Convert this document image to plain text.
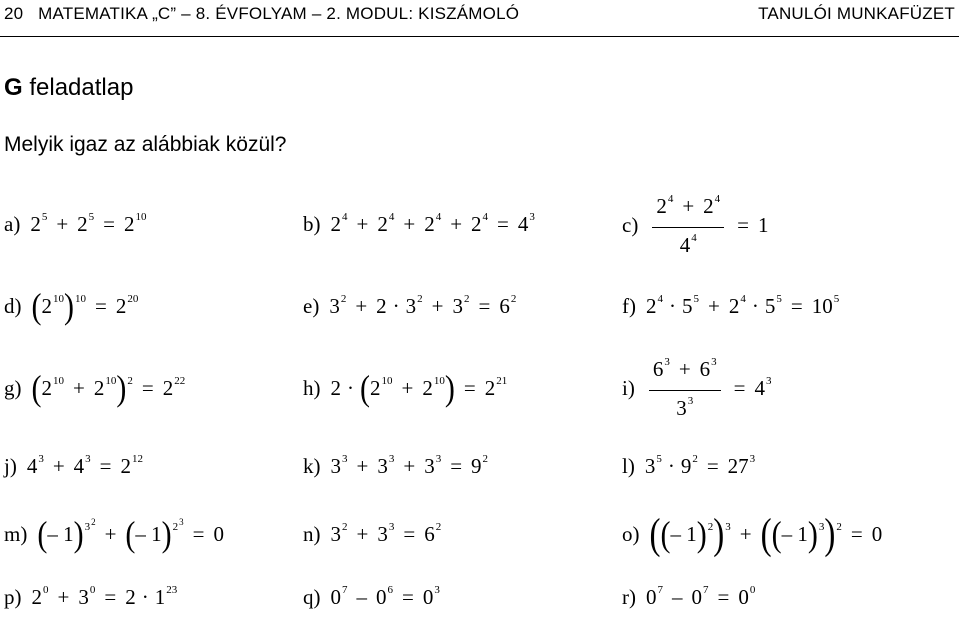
20 MATEMATIKA „C” – 8. ÉVFOLYAM – 2. MODUL: KISZÁMOLÓ	TANULÓI MUNKAFÜZET
G feladatlap
Melyik igaz az alábbiak közül?
a) $2^5 + 2^5 = 2^{10}$	b) $2^4 + 2^4 + 2^4 + 2^4 = 4^3$	$c) \frac{2^4 + 2^4}{4^4} = 1$
d) $(2^{10})^{10} = 2^{20}$	e) $3^2 + 2 \cdot 3^2 + 3^2 = 6^2$	f) $2^4 \cdot 5^5 + 2^4 \cdot 5^5 = 10^5$
g) $(2^{10} + 2^{10})^2 = 2^{22}$	h) $2 \cdot (2^{10} + 2^{10}) = 2^{21}$	$i) \frac{6^3 + 6^3}{3^3} = 4^3$
j) $4^3 + 4^3 = 2^{12}$	k) $3^3 + 3^3 + 3^3 = 9^2$	l) $3^5 \cdot 9^2 = 27^3$
m) (– 1)$^{3^2}$ + (– 1)$^{2^3}$ = 0	n) $3^2 + 3^3 = 6^2$	o) ((– 1)$^2$)$^3$ + ((– 1)$^3$)$^2$ = 0
p) $2^0 + 3^0 = 2 \cdot 1^{23}$	q) $0^7 - 0^6 = 0^3$	r) $0^7 - 0^7 = 0^0$
